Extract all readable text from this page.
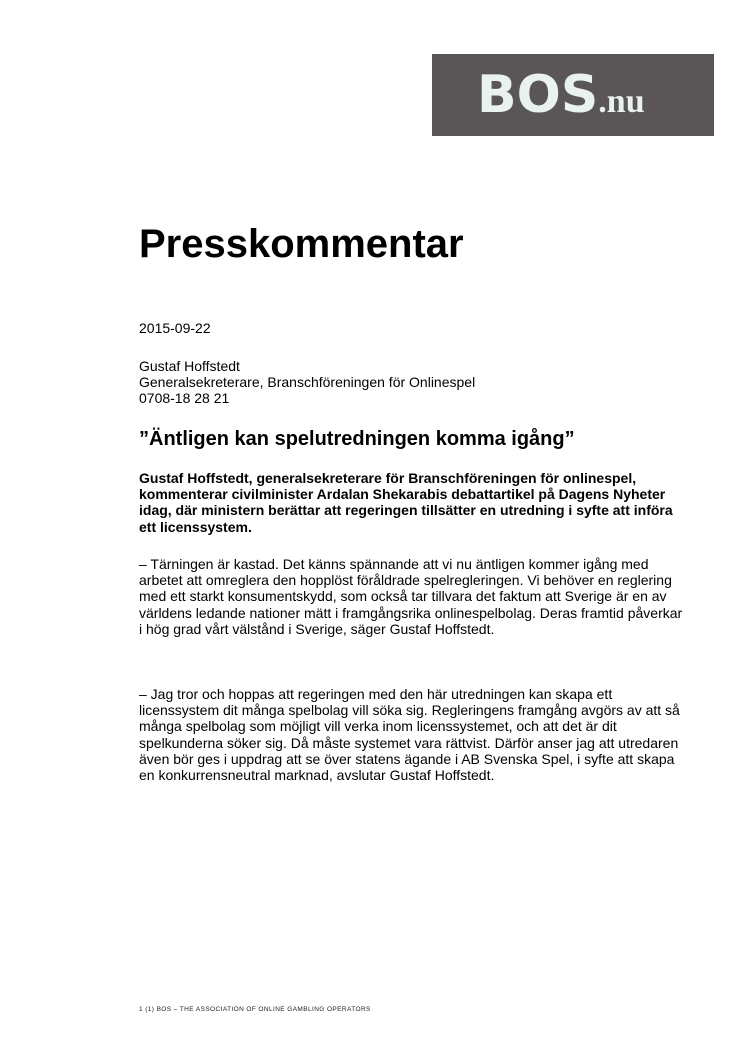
BOS.nu
Presskommentar
2015-09-22
Gustaf Hoffstedt
Generalsekreterare, Branschföreningen för Onlinespel
0708-18 28 21
”Äntligen kan spelutredningen komma igång”

Gustaf Hoffstedt, generalsekreterare för Branschföreningen för onlinespel, kommenterar civilminister Ardalan Shekarabis debattartikel på Dagens Nyheter idag, där ministern berättar att regeringen tillsätter en utredning i syfte att införa ett licenssystem.

– Tärningen är kastad. Det känns spännande att vi nu äntligen kommer igång med arbetet att omreglera den hopplöst föråldrade spelregleringen. Vi behöver en reglering med ett starkt konsumentskydd, som också tar tillvara det faktum att Sverige är en av världens ledande nationer mätt i framgångsrika onlinespelbolag. Deras framtid påverkar i hög grad vårt välstånd i Sverige, säger Gustaf Hoffstedt.

– Jag tror och hoppas att regeringen med den här utredningen kan skapa ett licenssystem dit många spelbolag vill söka sig. Regleringens framgång avgörs av att så många spelbolag som möjligt vill verka inom licenssystemet, och att det är dit spelkunderna söker sig. Då måste systemet vara rättvist. Därför anser jag att utredaren även bör ges i uppdrag att se över statens ägande i AB Svenska Spel, i syfte att skapa en konkurrensneutral marknad, avslutar Gustaf Hoffstedt.

1 (1) BOS – THE ASSOCIATION OF ONLINE GAMBLING OPERATORS
